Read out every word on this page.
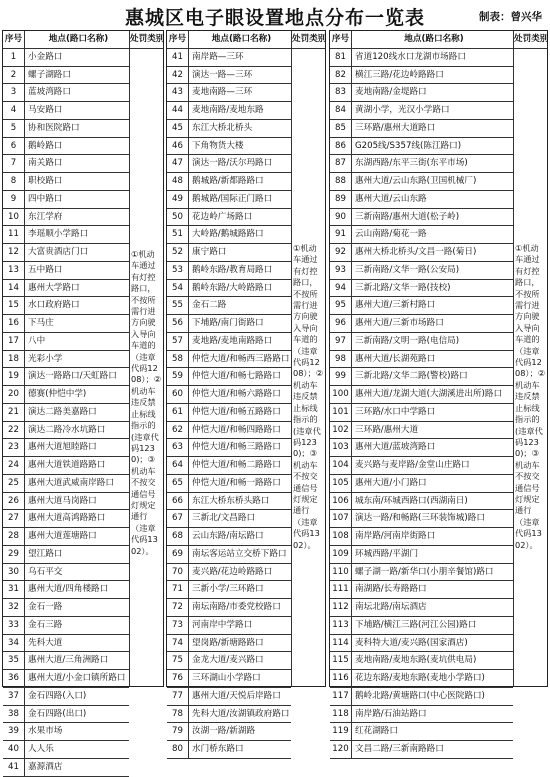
惠城区电子眼设置地点分布一览表	制表：曾兴华
序号	地点(路口名称)	处罚类别
①机动车通过有灯控路口，不按所需行进方向驶入导向车道的（违章代码1208）；②机动车违反禁止标线指示的(违章代码1230)；③机动车不按交通信号灯规定通行（违章代码1302）。
1	小金路口
2	螺子湖路口
3	蓝坡湾路口
4	马安路口
5	协和医院路口
6	鹅岭路口
7	南关路口
8	职校路口
9	四中路口
10	东江学府
11	李瑶顺小学路口
12	大富贵酒店门口
13	五中路口
14	惠州大学路口
15	水口政府路口
16	下马庄
17	八中
18	光彩小学
19	演达一路路口/天虹路口
20	德赛(仲恺中学)
21	演达二路美嘉路口
22	演达二路冷水坑路口
23	惠州大道旭睦路口
24	惠州大道铁道路路口
25	惠州大道武威南岸路口
26	惠州大道马岗路口
27	惠州大道高鸿路路口
28	惠州大道莲塘路口
29	望江路口
30	乌石平交
31	惠州大道/四角楼路口
32	金石一路
33	金石三路
34	先科大道
35	惠州大道/三角洲路口
36	惠州大道/小金口镇所路口
37	金石四路(入口)
38	金石四路(出口)
39	水果市场
40	人人乐
41	嘉源酒店
序号	地点(路口名称)	处罚类别
①机动车通过有灯控路口，不按所需行进方向驶入导向车道的（违章代码1208）；②机动车违反禁止标线指示的(违章代码1230)；③机动车不按交通信号灯规定通行（违章代码1302）。
41	南岸路—三环
42	演达一路—三环
43	麦地南路—三环
44	麦地南路/麦地东路
45	东江大桥北桥头
46	下角物货大楼
47	演达一路/沃尔玛路口
48	鹅城路/新都路路口
49	鹅城路/国际正门路口
50	花边岭广场路口
51	大岭路/鹅城路路口
52	康宁路口
53	鹅岭东路/教育局路口
54	鹅岭东路/大岭路路口
55	金石二路
56	下埔路/南门街路口
57	麦地路/麦地南路路口
58	仲恺大道/和畅西三路路口
59	仲恺大道/和畅七路路口
60	仲恺大道/和畅六路路口
61	仲恺大道/和畅五路路口
62	仲恺大道/和畅四路路口
63	仲恺大道/和畅三路路口
64	仲恺大道/和畅二路路口
65	仲恺大道/和畅一路路口
66	东江大桥东桥头路口
67	三新北/文昌路口
68	云山东路/南坛路口
69	南坛客运站立交桥下路口
70	麦兴路/花边岭路路口
71	三新小学/三环路口
72	南坛南路/市委党校路口
73	河南岸中学路口
74	望岗路/新塘路路口
75	金龙大道/麦兴路口
76	三环湖山小学路口
77	惠州大道/天悦后岸路口
78	先科大道/汝湖镇政府路口
79	汝湖一路/新湖路
80	水门桥东路口
序号	地点(路口名称)	处罚类别
①机动车通过有灯控路口，不按所需行进方向驶入导向车道的（违章代码1208）；②机动车违反禁止标线指示的(违章代码1230)；③机动车不按交通信号灯规定通行（违章代码1302）。
81	省道120线水口龙湖市场路口
82	横江三路/花边岭路路口
83	麦地南路/金堤路口
84	黄湖小学，光汉小学路口
85	三环路/惠州大道路口
86	G205线/S357线(陈江路口)
87	东湖西路/东平三街(东平市场)
88	惠州大道/云山东路(卫国机械厂)
89	惠州大道/云山东路
90	三新南路/惠州大道(松子岭)
91	云山南路/菊花一路
92	惠州大桥北桥头/文昌一路(菊日)
93	三新南路/文华一路(公安局)
94	三新北路/文华一路(技校)
95	惠州大道/三新村路口
96	惠州大道/三新市场路口
97	三新南路/文明一路(电信局)
98	惠州大道/长湖苑路口
99	三新北路/文华二路(警校)路口
100 惠州大道/龙湖大道(大湖溪进出所)路口
101 三环路/水口中学路口
102 三环路/惠州大道
103 惠州大道/蓝坡湾路口
104 麦兴路与麦岸路/金堂山庄路口
105 惠州大道/小门路口
106 城东南/环城西路口(西湖南日)
107 演达一路/和畅路(三环装饰城)路口
108 南岸路/河南岸街路口
109 环城西路/平湖门
110 螺子湖一路/新华口(小朋辛餐馆)路口
111 南湖路/长寿路路口
112 南坛北路/南坛酒店
113 下埔路/横江三路(河江公园)路口
114 麦科特大道/麦兴路(国家酒店)
115 麦地南路/麦地东路(麦坑供电局)
116 花边东路/麦地东路(麦地小学路口)
117 鹅岭北路/黄塘路口(中心医院路口)
118 南岸路/石油站路口
119 红花湖路口
120 文昌二路/三新南路路口
